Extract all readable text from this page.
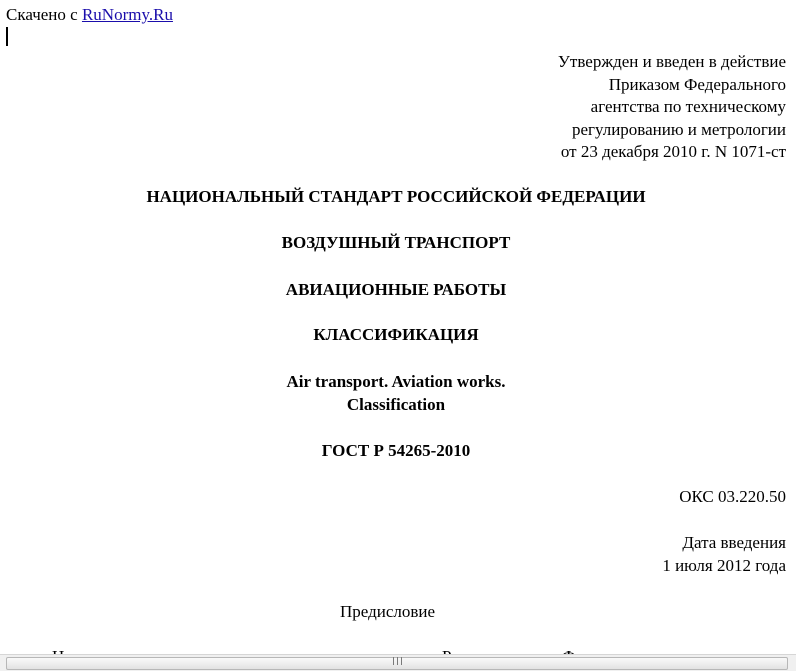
Скачено с RuNormy.Ru
Утвержден и введен в действие
Приказом Федерального
агентства по техническому
регулированию и метрологии
от 23 декабря 2010 г. N 1071-ст
НАЦИОНАЛЬНЫЙ СТАНДАРТ РОССИЙСКОЙ ФЕДЕРАЦИИ
ВОЗДУШНЫЙ ТРАНСПОРТ
АВИАЦИОННЫЕ РАБОТЫ
КЛАССИФИКАЦИЯ
Air transport. Aviation works.
Classification
ГОСТ Р 54265-2010
ОКС 03.220.50
Дата введения
1 июля 2012 года
Предисловие
